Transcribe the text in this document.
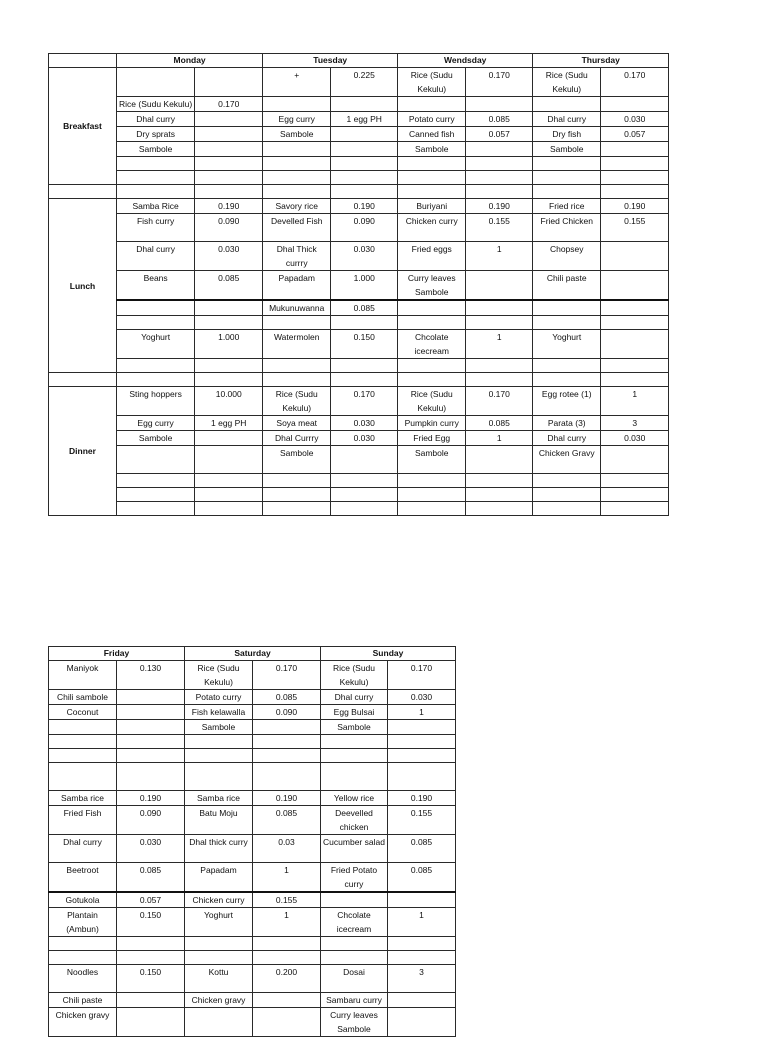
	Monday		Tuesday		Wendsday		Thursday	
Breakfast			+	0.225	Rice (Sudu Kekulu)	0.170	Rice (Sudu Kekulu)	0.170
	Rice (Sudu Kekulu)	0.170						
	Dhal curry		Egg curry	1 egg PH	Potato curry	0.085	Dhal curry	0.030
	Dry sprats		Sambole		Canned fish	0.057	Dry fish	0.057
	Sambole				Sambole		Sambole	

Lunch	Samba Rice	0.190	Savory rice	0.190	Buriyani	0.190	Fried rice	0.190
	Fish curry	0.090	Develled Fish	0.090	Chicken curry	0.155	Fried Chicken	0.155
	Dhal curry	0.030	Dhal Thick currry	0.030	Fried eggs	1	Chopsey	
	Beans	0.085	Papadam	1.000	Curry leaves Sambole		Chili paste	
			Mukunuwanna	0.085				

	Yoghurt	1.000	Watermolen	0.150	Chcolate icecream	1	Yoghurt	

Dinner	Sting hoppers	10.000	Rice (Sudu Kekulu)	0.170	Rice (Sudu Kekulu)	0.170	Egg rotee (1)	1
	Egg curry	1 egg PH	Soya meat	0.030	Pumpkin curry	0.085	Parata (3)	3
	Sambole		Dhal Currry	0.030	Fried Egg	1	Dhal curry	0.030
			Sambole		Sambole		Chicken Gravy	

Friday		Saturday		Sunday	
Maniyok	0.130	Rice (Sudu Kekulu)	0.170	Rice (Sudu Kekulu)	0.170
Chili sambole		Potato curry	0.085	Dhal curry	0.030
Coconut		Fish kelawalla	0.090	Egg Bulsai	1
		Sambole		Sambole	

Samba rice	0.190	Samba rice	0.190	Yellow rice	0.190
Fried Fish	0.090	Batu Moju	0.085	Deevelled chicken	0.155
Dhal curry	0.030	Dhal thick curry	0.03	Cucumber salad	0.085
Beetroot	0.085	Papadam	1	Fried Potato curry	0.085
Gotukola	0.057	Chicken curry	0.155		
Plantain (Ambun)	0.150	Yoghurt	1	Chcolate icecream	1

Noodles	0.150	Kottu	0.200	Dosai	3
Chili paste		Chicken gravy		Sambaru curry	
Chicken gravy				Curry leaves Sambole	
